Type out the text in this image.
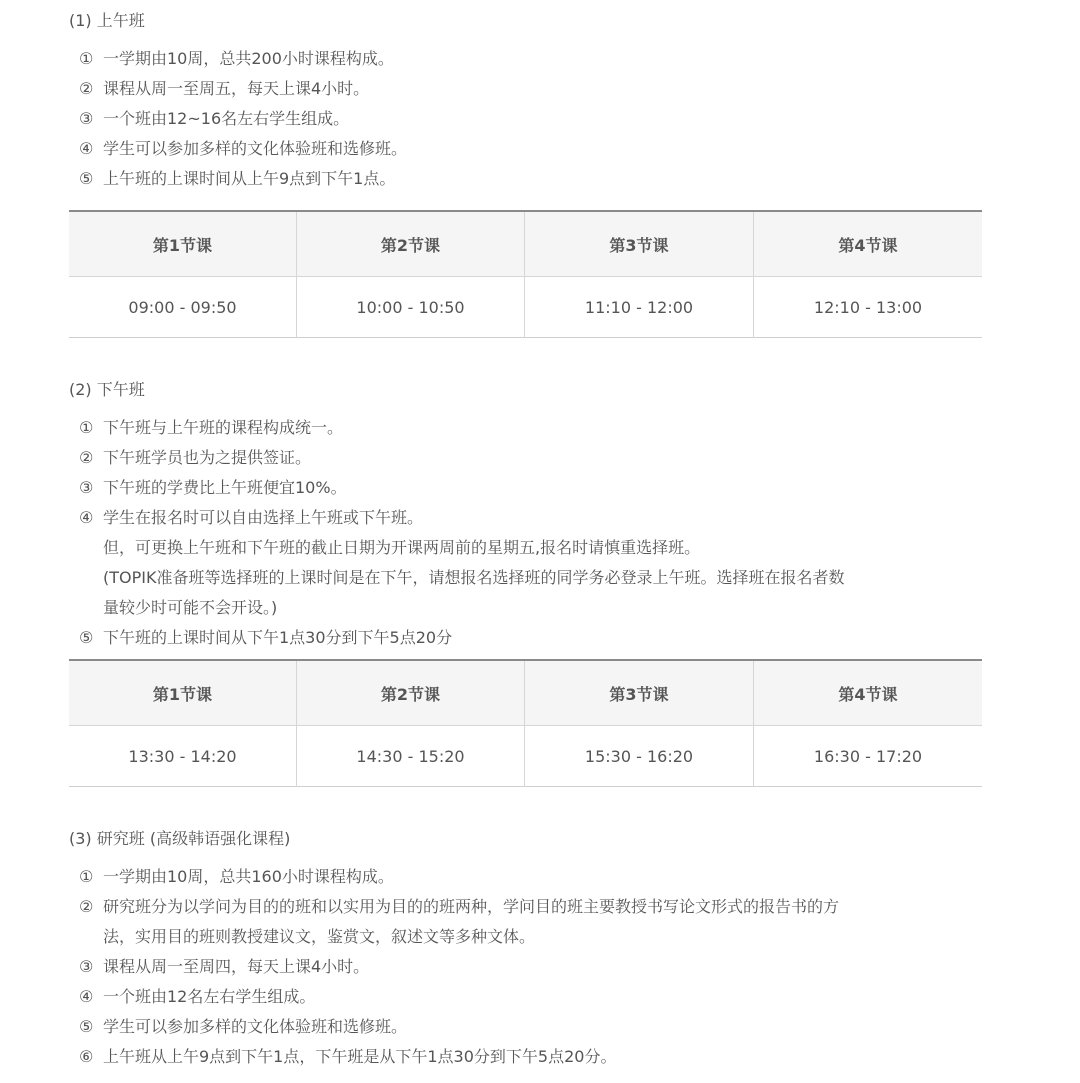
(1) 上午班
① 一学期由10周，总共200小时课程构成。
② 课程从周一至周五，每天上课4小时。
③ 一个班由12~16名左右学生组成。
④ 学生可以参加多样的文化体验班和选修班。
⑤ 上午班的上课时间从上午9点到下午1点。
第1节课	第2节课	第3节课	第4节课
09:00 - 09:50	10:00 - 10:50	11:10 - 12:00	12:10 - 13:00
(2) 下午班
① 下午班与上午班的课程构成统一。
② 下午班学员也为之提供签证。
③ 下午班的学费比上午班便宜10%。
④ 学生在报名时可以自由选择上午班或下午班。
但，可更换上午班和下午班的截止日期为开课两周前的星期五,报名时请慎重选择班。
(TOPIK准备班等选择班的上课时间是在下午，请想报名选择班的同学务必登录上午班。选择班在报名者数
量较少时可能不会开设。)
⑤ 下午班的上课时间从下午1点30分到下午5点20分
第1节课	第2节课	第3节课	第4节课
13:30 - 14:20	14:30 - 15:20	15:30 - 16:20	16:30 - 17:20
(3) 研究班 (高级韩语强化课程)
① 一学期由10周，总共160小时课程构成。
② 研究班分为以学问为目的的班和以实用为目的的班两种，学问目的班主要教授书写论文形式的报告书的方
法，实用目的班则教授建议文，鉴赏文，叙述文等多种文体。
③ 课程从周一至周四，每天上课4小时。
④ 一个班由12名左右学生组成。
⑤ 学生可以参加多样的文化体验班和选修班。
⑥ 上午班从上午9点到下午1点，下午班是从下午1点30分到下午5点20分。
